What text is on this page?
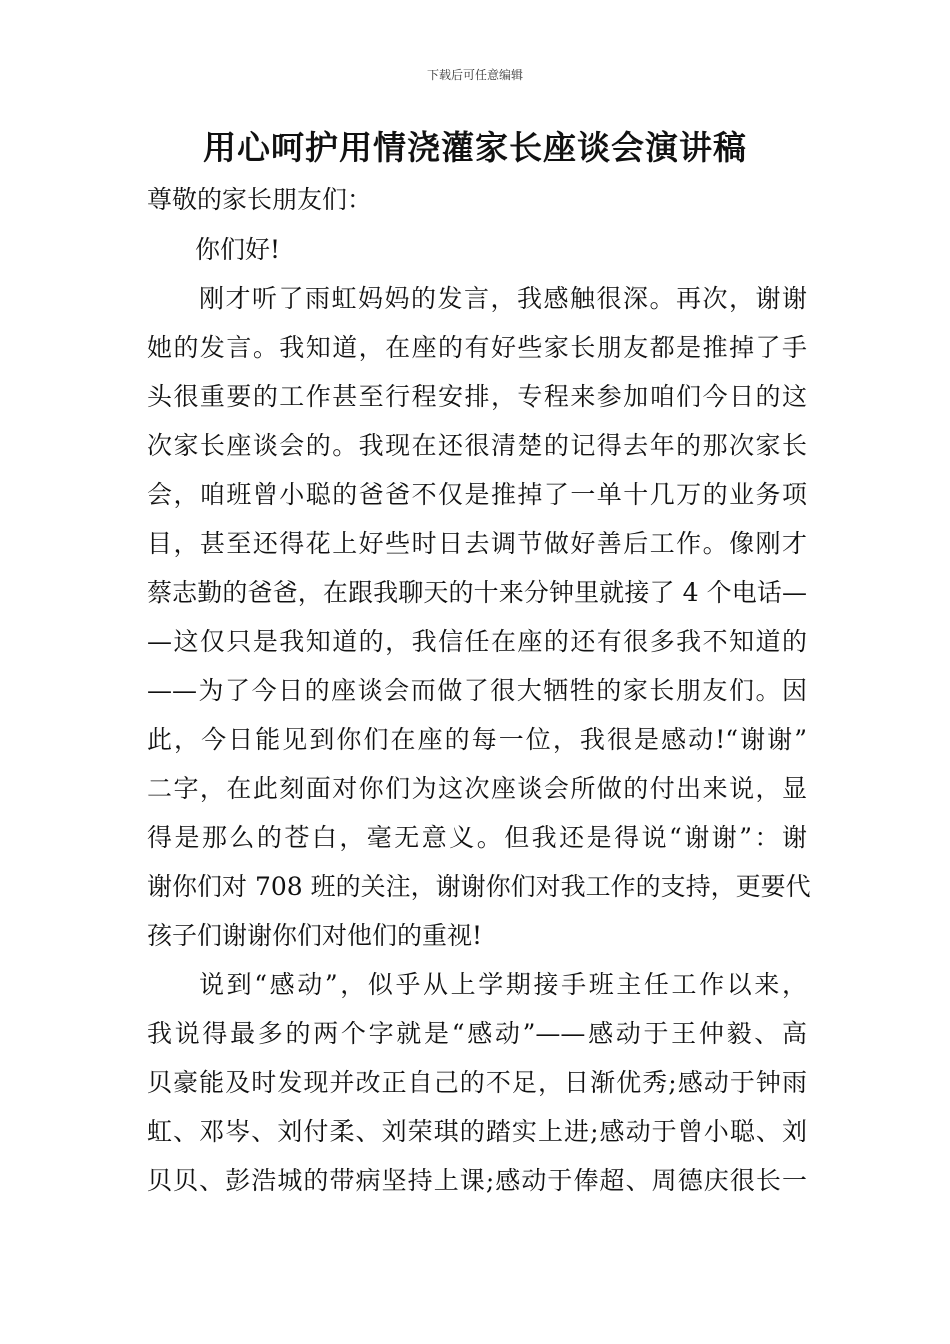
下载后可任意编辑
用心呵护用情浇灌家长座谈会演讲稿
尊敬的家长朋友们：
你们好!
刚才听了雨虹妈妈的发言，我感触很深。再次，谢谢
她的发言。我知道，在座的有好些家长朋友都是推掉了手
头很重要的工作甚至行程安排，专程来参加咱们今日的这
次家长座谈会的。我现在还很清楚的记得去年的那次家长
会，咱班曾小聪的爸爸不仅是推掉了一单十几万的业务项
目，甚至还得花上好些时日去调节做好善后工作。像刚才
蔡志勤的爸爸，在跟我聊天的十来分钟里就接了 4 个电话—
—这仅只是我知道的，我信任在座的还有很多我不知道的
——为了今日的座谈会而做了很大牺牲的家长朋友们。因
此，今日能见到你们在座的每一位，我很是感动!“谢谢”
二字，在此刻面对你们为这次座谈会所做的付出来说，显
得是那么的苍白，毫无意义。但我还是得说“谢谢”：谢
谢你们对 708 班的关注，谢谢你们对我工作的支持，更要代
孩子们谢谢你们对他们的重视!
说到“感动”，似乎从上学期接手班主任工作以来，
我说得最多的两个字就是“感动”——感动于王仲毅、高
贝豪能及时发现并改正自己的不足，日渐优秀;感动于钟雨
虹、邓岑、刘付柔、刘荣琪的踏实上进;感动于曾小聪、刘
贝贝、彭浩城的带病坚持上课;感动于俸超、周德庆很长一
